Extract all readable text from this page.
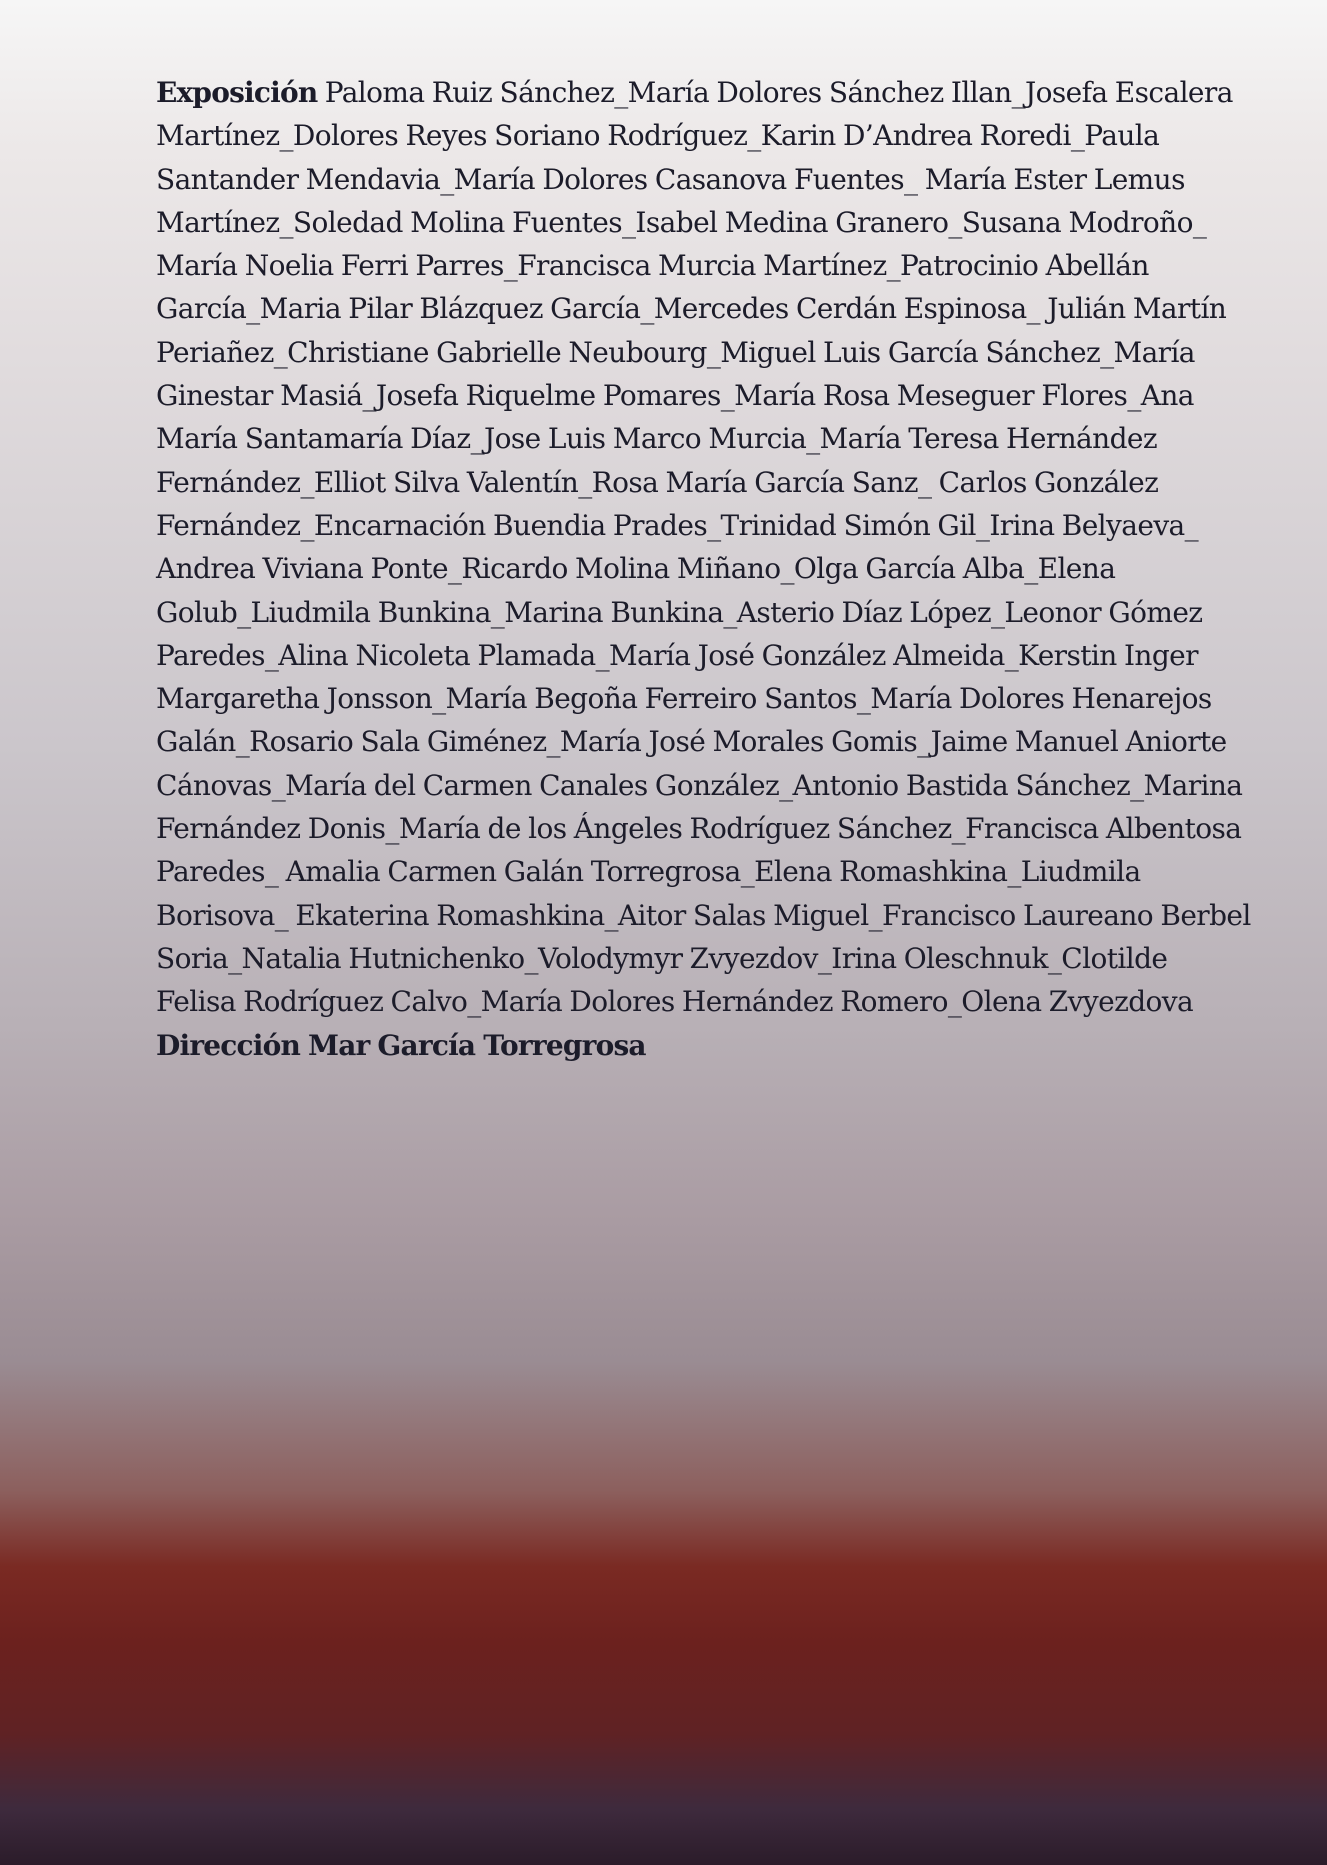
Exposición Paloma Ruiz Sánchez_María Dolores Sánchez Illan_Josefa Escalera
Martínez_Dolores Reyes Soriano Rodríguez_Karin D’Andrea Roredi_Paula
Santander Mendavia_María Dolores Casanova Fuentes_ María Ester Lemus
Martínez_Soledad Molina Fuentes_Isabel Medina Granero_Susana Modroño_
María Noelia Ferri Parres_Francisca Murcia Martínez_Patrocinio Abellán
García_Maria Pilar Blázquez García_Mercedes Cerdán Espinosa_ Julián Martín
Periañez_Christiane Gabrielle Neubourg_Miguel Luis García Sánchez_María
Ginestar Masiá_Josefa Riquelme Pomares_María Rosa Meseguer Flores_Ana
María Santamaría Díaz_Jose Luis Marco Murcia_María Teresa Hernández
Fernández_Elliot Silva Valentín_Rosa María García Sanz_ Carlos González
Fernández_Encarnación Buendia Prades_Trinidad Simón Gil_Irina Belyaeva_
Andrea Viviana Ponte_Ricardo Molina Miñano_Olga García Alba_Elena
Golub_Liudmila Bunkina_Marina Bunkina_Asterio Díaz López_Leonor Gómez
Paredes_Alina Nicoleta Plamada_María José González Almeida_Kerstin Inger
Margaretha Jonsson_María Begoña Ferreiro Santos_María Dolores Henarejos
Galán_Rosario Sala Giménez_María José Morales Gomis_Jaime Manuel Aniorte
Cánovas_María del Carmen Canales González_Antonio Bastida Sánchez_Marina
Fernández Donis_María de los Ángeles Rodríguez Sánchez_Francisca Albentosa
Paredes_ Amalia Carmen Galán Torregrosa_Elena Romashkina_Liudmila
Borisova_ Ekaterina Romashkina_Aitor Salas Miguel_Francisco Laureano Berbel
Soria_Natalia Hutnichenko_Volodymyr Zvyezdov_Irina Oleschnuk_Clotilde
Felisa Rodríguez Calvo_María Dolores Hernández Romero_Olena Zvyezdova
Dirección Mar García Torregrosa
